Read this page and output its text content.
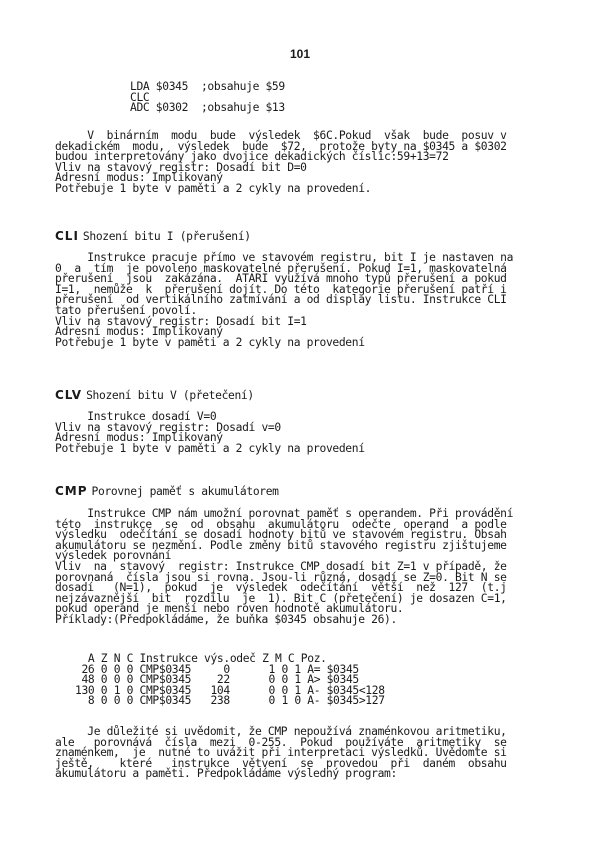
101
LDA $0345  ;obsahuje $59
CLC
ADC $0302  ;obsahuje $13
V  binárním  modu  bude  výsledek  $6C.Pokud  však  bude  posuv v
dekadickém  modu,  výsledek  bude  $72,  protože byty na $0345 a $0302
budou interpretovány jako dvojice dekadických číslic:59+13=72
Vliv na stavový registr: Dosadí bit D=0
Adresní modus: Implikovaný
Potřebuje 1 byte v paměti a 2 cykly na provedení.
CLI Shození bitu I (přerušení)
Instrukce pracuje přímo ve stavovém registru, bit I je nastaven na
0  a  tím  je povoleno maskovatelné přerušení. Pokud I=1, maskovatelná
přerušení  jsou  zakázána.  ATARI využívá mnoho typů přerušení a pokud
I=1,  nemůže  k  přerušení dojít. Do této  kategorie přerušení patří i
přerušení  od vertikálního zatmívání a od display listu. Instrukce CLI
tato přerušení povolí.
Vliv na stavový registr: Dosadí bit I=1
Adresní modus: Implikovaný
Potřebuje 1 byte v paměti a 2 cykly na provedení
CLV Shození bitu V (přetečení)
Instrukce dosadí V=0
Vliv na stavový registr: Dosadí v=0
Adresní modus: Implikovaný
Potřebuje 1 byte v paměti a 2 cykly na provedení
CMP Porovnej paměť s akumulátorem
Instrukce CMP nám umožní porovnat paměť s operandem. Při provádění
této  instrukce  se  od  obsahu  akumulátoru  odečte  operand  a podle
výsledku  odečítání se dosadí hodnoty bitů ve stavovém registru. Obsah
akumulátoru se nezmění. Podle změny bitů stavového registru zjištujeme
výsledek porovnání
Vliv  na  stavový  registr: Instrukce CMP dosadí bit Z=1 v případě, že
porovnaná  čísla jsou si rovna. Jsou-li různá, dosadí se Z=0. Bit N se
dosadí   (N=1),  pokud  je  výsledek  odečítání  větší  než  127  (t.j
nejzávaznější  bit  rozdílu  je  1). Bit C (přetečení) je dosazen C=1,
pokud operand je menší nebo roven hodnotě akumulátoru.
Příklady:(Předpokládáme, že buňka $0345 obsahuje 26).
A Z N C Instrukce výs.odeč Z M C Poz.
26 0 0 0 CMP$0345     0      1 0 1 A= $0345
48 0 0 0 CMP$0345    22      0 0 1 A> $0345
130 0 1 0 CMP$0345   104      0 0 1 A- $0345<128
8 0 0 0 CMP$0345   238      0 1 0 A- $0345>127
Je důležité si uvědomit, že CMP nepoužívá znaménkovou aritmetiku,
ale   porovnává  čísla  mezi  0-255.  Pokud  používáte  aritmetiky  se
znaménkem,  je  nutné to uvážit při interpretaci výsledků. Uvědomte si
ještě,    které   instrukce  větvení  se  provedou  při  daném  obsahu
akumulátoru a paměti. Předpokládáme výsledný program:
